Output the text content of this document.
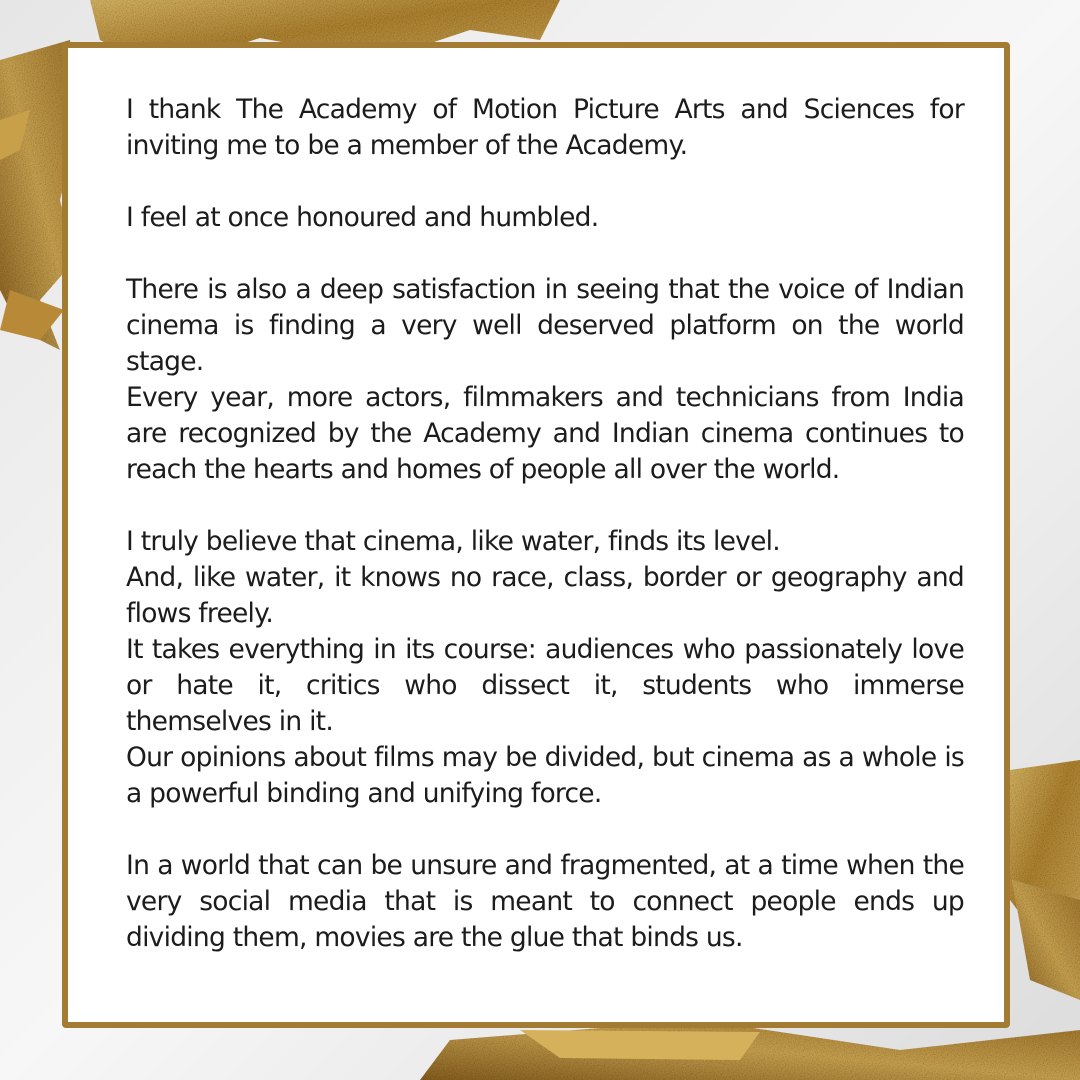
I thank The Academy of Motion Picture Arts and Sciences for inviting me to be a member of the Academy.

I feel at once honoured and humbled.

There is also a deep satisfaction in seeing that the voice of Indian cinema is finding a very well deserved platform on the world stage.

Every year, more actors, filmmakers and technicians from India are recognized by the Academy and Indian cinema continues to reach the hearts and homes of people all over the world.

I truly believe that cinema, like water, finds its level.

And, like water, it knows no race, class, border or geography and flows freely.

It takes everything in its course: audiences who passionately love or hate it, critics who dissect it, students who immerse themselves in it.

Our opinions about films may be divided, but cinema as a whole is a powerful binding and unifying force.

In a world that can be unsure and fragmented, at a time when the very social media that is meant to connect people ends up dividing them, movies are the glue that binds us.
